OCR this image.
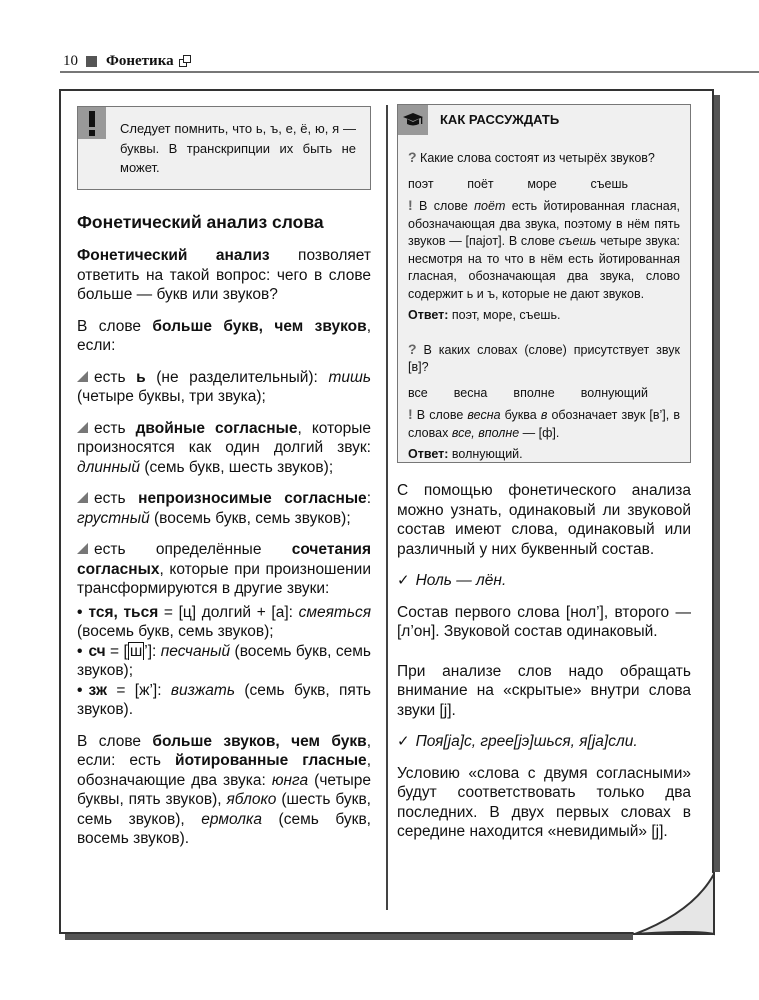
10 Фонетика

Следует помнить, что ь, ъ, е, ё, ю, я — буквы. В транскрипции их быть не может.

Фонетический анализ слова

Фонетический анализ позволяет ответить на такой вопрос: чего в слове больше — букв или звуков?

В слове больше букв, чем звуков, если:

есть ь (не разделительный): тишь (четыре буквы, три звука);

есть двойные согласные, которые произносятся как один долгий звук: длинный (семь букв, шесть звуков);

есть непроизносимые согласные: грустный (восемь букв, семь звуков);

есть определённые сочетания согласных, которые при произношении трансформируются в другие звуки:

• тся, ться = [ц] долгий + [а]: смеяться (восемь букв, семь звуков);

• сч = [ ш ’]: песчаный (восемь букв, семь звуков);

• зж = [ж’]: визжать (семь букв, пять звуков).

В слове больше звуков, чем букв, если: есть йотированные гласные, обозначающие два звука: юнга (четыре буквы, пять звуков), яблоко (шесть букв, семь звуков), ермолка (семь букв, восемь звуков).

КАК РАССУЖДАТЬ

? Какие слова состоят из четырёх звуков?

поэт	поёт	море	съешь

! В слове поёт есть йотированная гласная, обозначающая два звука, поэтому в нём пять звуков — [пajoт]. В слове съешь четыре звука: несмотря на то что в нём есть йотированная гласная, обозначающая два звука, слово содержит ь и ъ, которые не дают звуков.

Ответ: поэт, море, съешь.

? В каких словах (слове) присутствует звук [в]?

все весна вполне волнующий

! В слове весна буква в обозначает звук [в’], в словах все, вполне — [ф].

Ответ: волнующий.

С помощью фонетического анализа можно узнать, одинаковый ли звуковой состав имеют слова, одинаковый или различный у них буквенный состав.

✓ Ноль — лён.

Состав первого слова [нол’], второго — [л’он]. Звуковой состав одинаковый.

При анализе слов надо обращать внимание на «скрытые» внутри слова звуки [j].

✓ Поя[ja]с, грее[jэ]шься, я[ja]сли.

Условию «слова с двумя согласными» будут соответствовать только два последних. В двух первых словах в середине находится «невидимый» [j].
